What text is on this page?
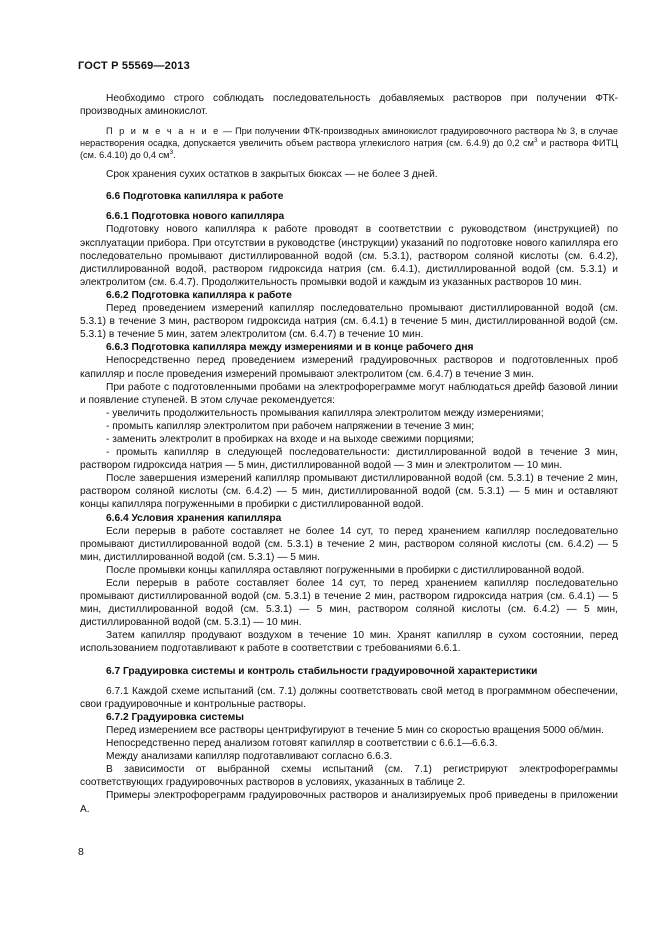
ГОСТ Р 55569—2013

Необходимо строго соблюдать последовательность добавляемых растворов при получении ФТК-производных аминокислот.

П р и м е ч а н и е — При получении ФТК-производных аминокислот градуировочного раствора № 3, в случае нерастворения осадка, допускается увеличить объем раствора углекислого натрия (см. 6.4.9) до 0,2 $см^3$ и раствора ФИТЦ (см. 6.4.10) до 0,4 $см^3$.

Срок хранения сухих остатков в закрытых бюксах — не более 3 дней.

6.6 Подготовка капилляра к работе

6.6.1 Подготовка нового капилляра

Подготовку нового капилляра к работе проводят в соответствии с руководством (инструкцией) по эксплуатации прибора. При отсутствии в руководстве (инструкции) указаний по подготовке нового капилляра его последовательно промывают дистиллированной водой (см. 5.3.1), раствором соляной кислоты (см. 6.4.2), дистиллированной водой, раствором гидроксида натрия (см. 6.4.1), дистиллированной водой (см. 5.3.1) и электролитом (см. 6.4.7). Продолжительность промывки водой и каждым из указанных растворов 10 мин.

6.6.2 Подготовка капилляра к работе

Перед проведением измерений капилляр последовательно промывают дистиллированной водой (см. 5.3.1) в течение 3 мин, раствором гидроксида натрия (см. 6.4.1) в течение 5 мин, дистиллированной водой (см. 5.3.1) в течение 5 мин, затем электролитом (см. 6.4.7) в течение 10 мин.

6.6.3 Подготовка капилляра между измерениями и в конце рабочего дня

Непосредственно перед проведением измерений градуировочных растворов и подготовленных проб капилляр и после проведения измерений промывают электролитом (см. 6.4.7) в течение 3 мин.

При работе с подготовленными пробами на электрофореграмме могут наблюдаться дрейф базовой линии и появление ступеней. В этом случае рекомендуется:

- увеличить продолжительность промывания капилляра электролитом между измерениями;

- промыть капилляр электролитом при рабочем напряжении в течение 3 мин;

- заменить электролит в пробирках на входе и на выходе свежими порциями;

- промыть капилляр в следующей последовательности: дистиллированной водой в течение 3 мин, раствором гидроксида натрия — 5 мин, дистиллированной водой — 3 мин и электролитом — 10 мин.

После завершения измерений капилляр промывают дистиллированной водой (см. 5.3.1) в течение 2 мин, раствором соляной кислоты (см. 6.4.2) — 5 мин, дистиллированной водой (см. 5.3.1) — 5 мин и оставляют концы капилляра погруженными в пробирки с дистиллированной водой.

6.6.4 Условия хранения капилляра

Если перерыв в работе составляет не более 14 сут, то перед хранением капилляр последовательно промывают дистиллированной водой (см. 5.3.1) в течение 2 мин, раствором соляной кислоты (см. 6.4.2) — 5 мин, дистиллированной водой (см. 5.3.1) — 5 мин.

После промывки концы капилляра оставляют погруженными в пробирки с дистиллированной водой.

Если перерыв в работе составляет более 14 сут, то перед хранением капилляр последовательно промывают дистиллированной водой (см. 5.3.1) в течение 2 мин, раствором гидроксида натрия (см. 6.4.1) — 5 мин, дистиллированной водой (см. 5.3.1) — 5 мин, раствором соляной кислоты (см. 6.4.2) — 5 мин, дистиллированной водой (см. 5.3.1) — 10 мин.

Затем капилляр продувают воздухом в течение 10 мин. Хранят капилляр в сухом состоянии, перед использованием подготавливают к работе в соответствии с требованиями 6.6.1.

6.7 Градуировка системы и контроль стабильности градуировочной характеристики

6.7.1 Каждой схеме испытаний (см. 7.1) должны соответствовать свой метод в программном обеспечении, свои градуировочные и контрольные растворы.

6.7.2 Градуировка системы

Перед измерением все растворы центрифугируют в течение 5 мин со скоростью вращения 5000 об/мин.

Непосредственно перед анализом готовят капилляр в соответствии с 6.6.1—6.6.3.

Между анализами капилляр подготавливают согласно 6.6.3.

В зависимости от выбранной схемы испытаний (см. 7.1) регистрируют электрофореграммы соответствующих градуировочных растворов в условиях, указанных в таблице 2.

Примеры электрофореграмм градуировочных растворов и анализируемых проб приведены в приложении А.

8
